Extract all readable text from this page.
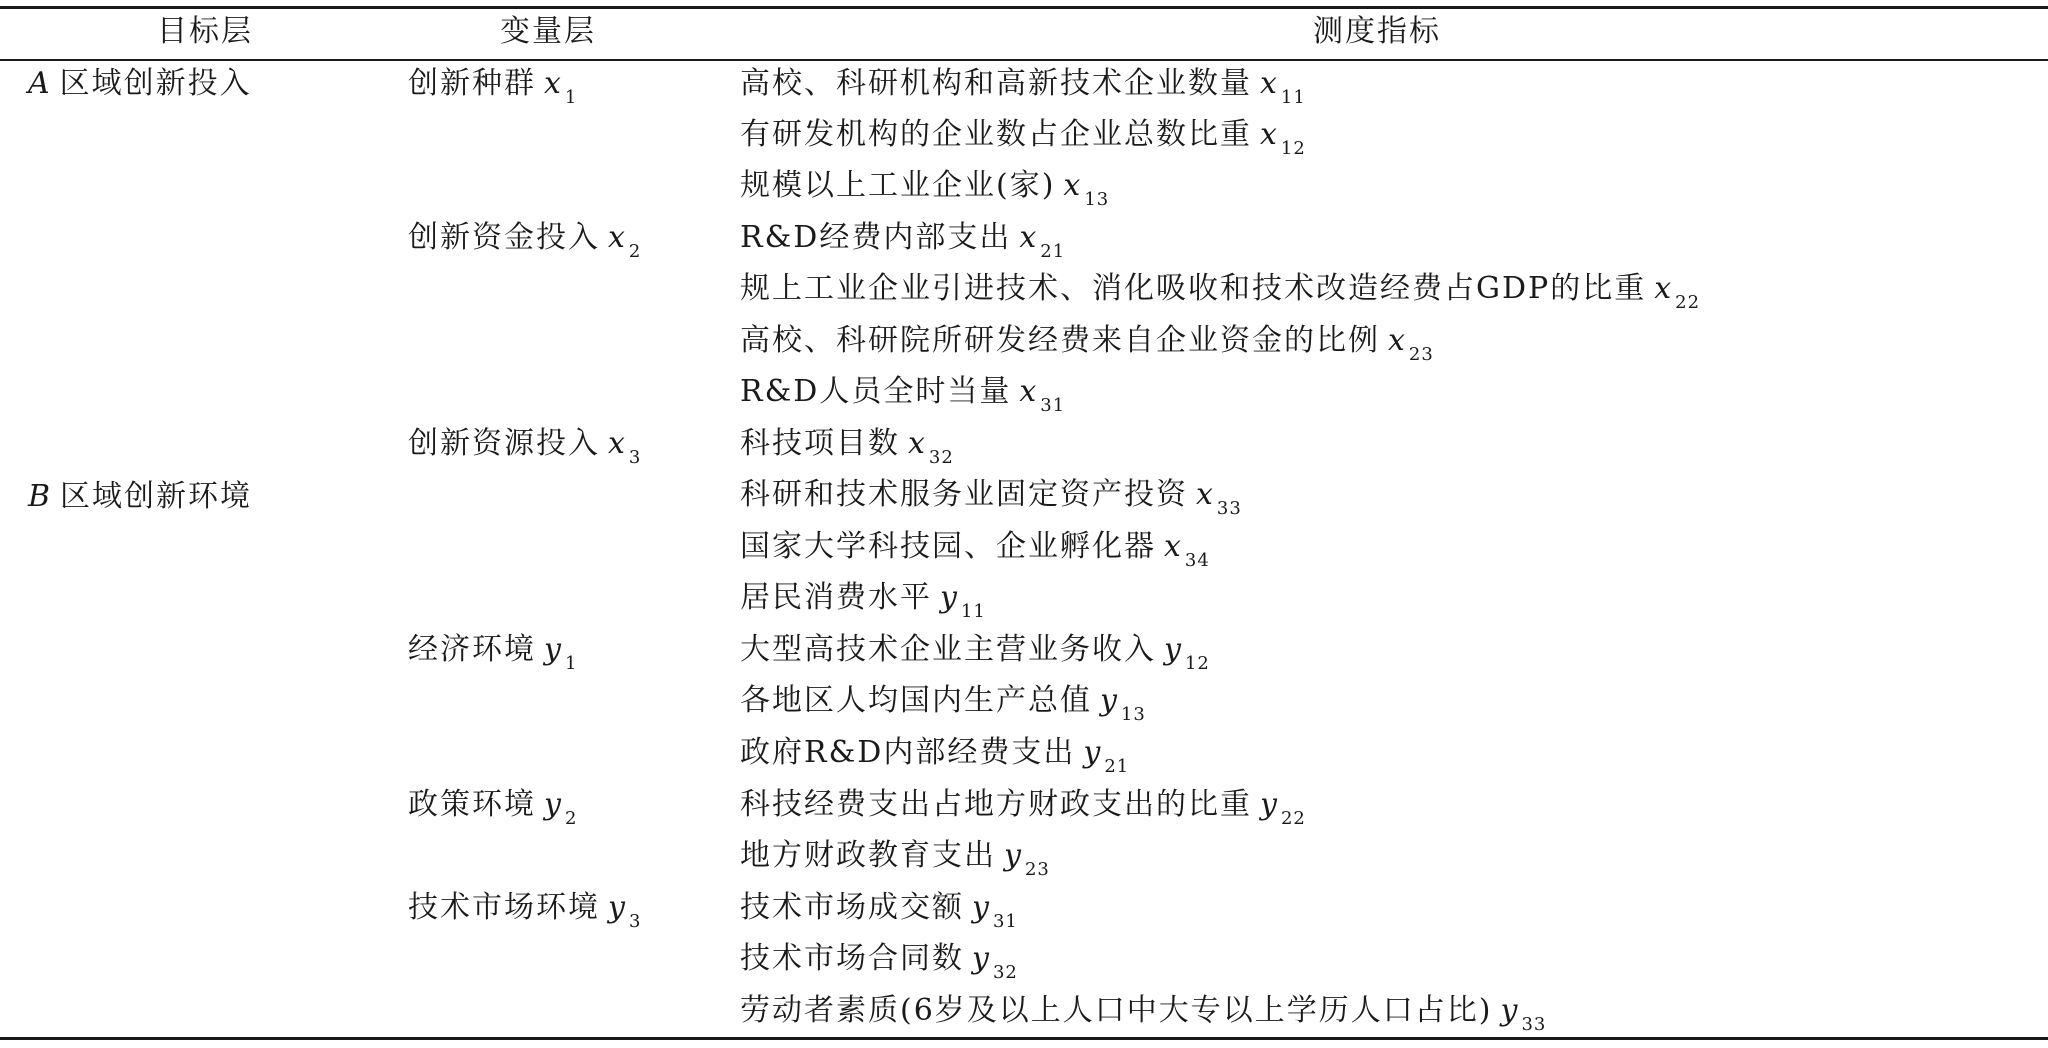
目标层	变量层	测度指标
A 区域创新投入
B 区域创新环境
创新种群 x $_1$
创新资金投入 x $_2$
创新资源投入 x $_3$
经济环境 y $_1$
政策环境 y $_2$
技术市场环境 y $_3$
高校、科研机构和高新技术企业数量 x $_{11}$
有研发机构的企业数占企业总数比重 x $_{12}$
规模以上工业企业(家) x $_{13}$
R&D经费内部支出 x $_{21}$
规上工业企业引进技术、消化吸收和技术改造经费占GDP的比重 x $_{22}$
高校、科研院所研发经费来自企业资金的比例 x $_{23}$
R&D人员全时当量 x $_{31}$
科技项目数 x $_{32}$
科研和技术服务业固定资产投资 x $_{33}$
国家大学科技园、企业孵化器 x $_{34}$
居民消费水平 y $_{11}$
大型高技术企业主营业务收入 y $_{12}$
各地区人均国内生产总值 y $_{13}$
政府R&D内部经费支出 y $_{21}$
科技经费支出占地方财政支出的比重 y $_{22}$
地方财政教育支出 y $_{23}$
技术市场成交额 y $_{31}$
技术市场合同数 y $_{32}$
劳动者素质(6岁及以上人口中大专以上学历人口占比) y $_{33}$
